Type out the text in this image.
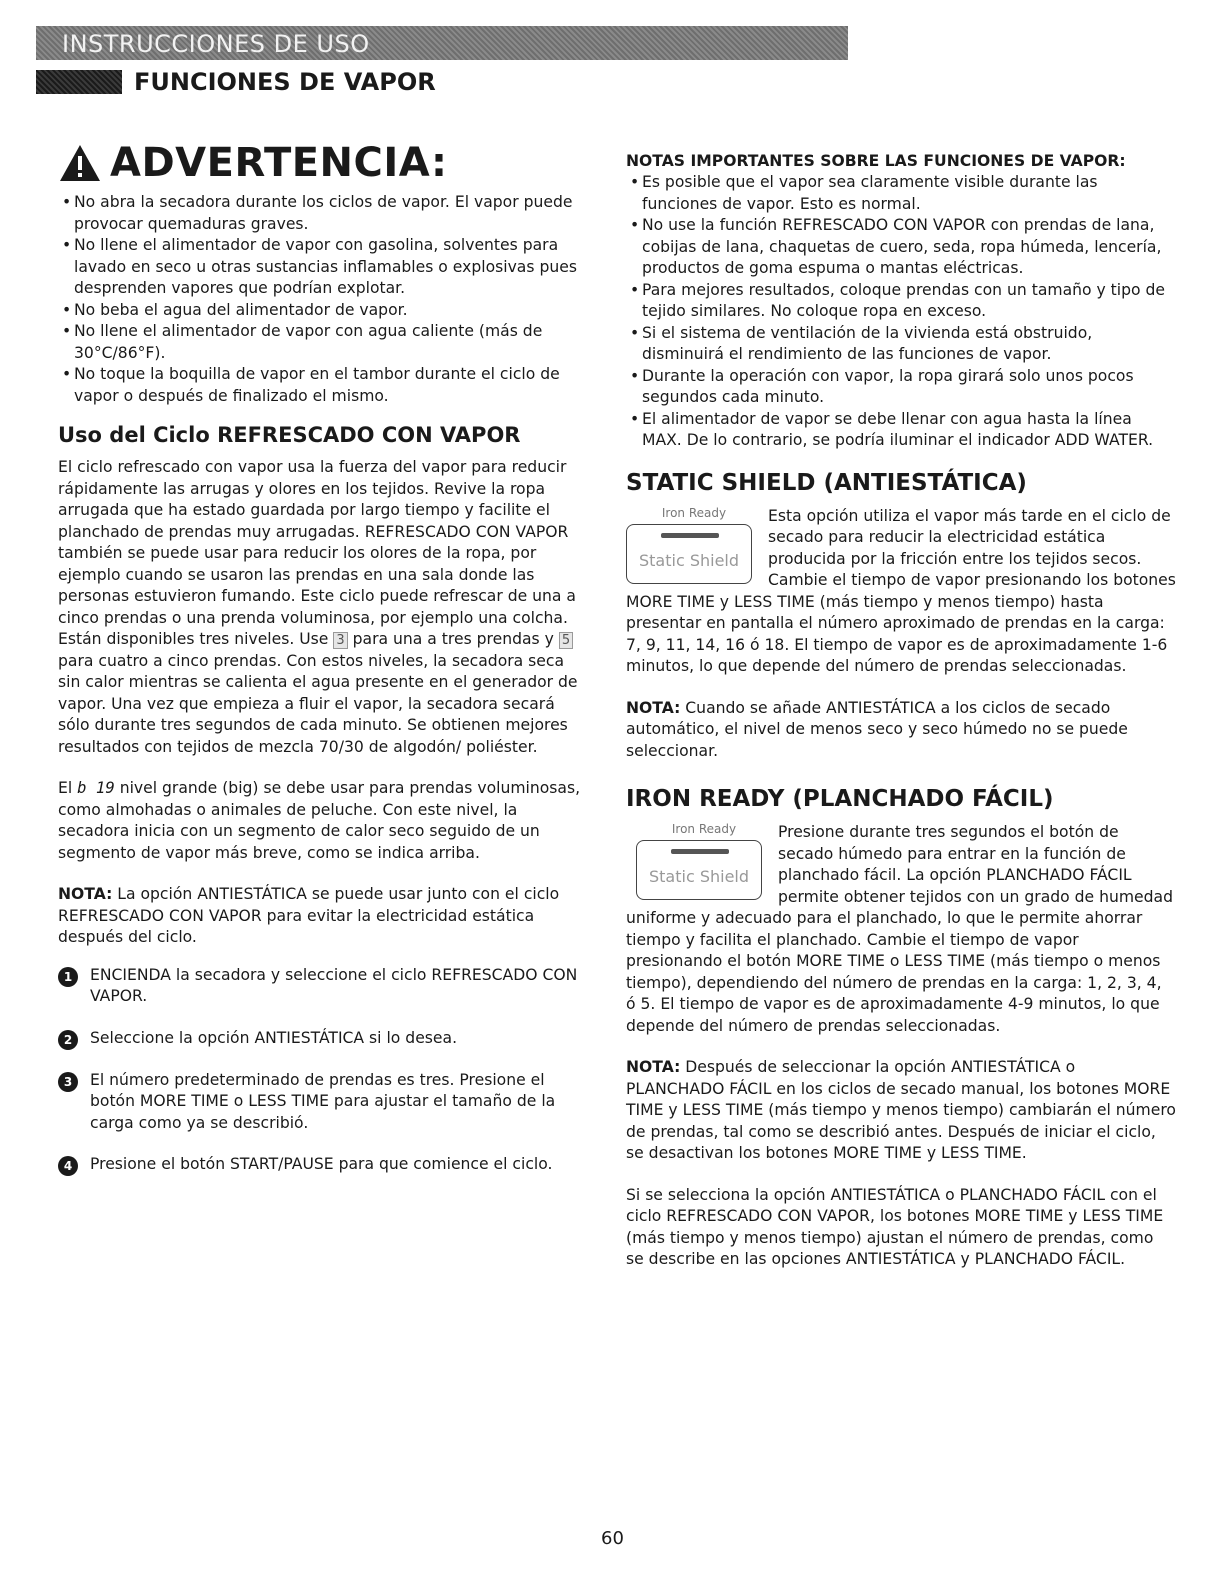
INSTRUCCIONES DE USO
FUNCIONES DE VAPOR
ADVERTENCIA:
• No abra la secadora durante los ciclos de vapor. El vapor puede provocar quemaduras graves.
• No llene el alimentador de vapor con gasolina, solventes para lavado en seco u otras sustancias inflamables o explosivas pues desprenden vapores que podrían explotar.
• No beba el agua del alimentador de vapor.
• No llene el alimentador de vapor con agua caliente (más de 30°C/86°F).
• No toque la boquilla de vapor en el tambor durante el ciclo de vapor o después de finalizado el mismo.
Uso del Ciclo REFRESCADO CON VAPOR

El ciclo refrescado con vapor usa la fuerza del vapor para reducir rápidamente las arrugas y olores en los tejidos. Revive la ropa arrugada que ha estado guardada por largo tiempo y facilite el planchado de prendas muy arrugadas. REFRESCADO CON VAPOR también se puede usar para reducir los olores de la ropa, por ejemplo cuando se usaron las prendas en una sala donde las personas estuvieron fumando. Este ciclo puede refrescar de una a cinco prendas o una prenda voluminosa, por ejemplo una colcha. Están disponibles tres niveles. Use 3 para una a tres prendas y 5 para cuatro a cinco prendas. Con estos niveles, la secadora seca sin calor mientras se calienta el agua presente en el generador de vapor. Una vez que empieza a fluir el vapor, la secadora secará sólo durante tres segundos de cada minuto. Se obtienen mejores resultados con tejidos de mezcla 70/30 de algodón/ poliéster.

El b 19 nivel grande (big) se debe usar para prendas voluminosas, como almohadas o animales de peluche. Con este nivel, la secadora inicia con un segmento de calor seco seguido de un segmento de vapor más breve, como se indica arriba.

NOTA: La opción ANTIESTÁTICA se puede usar junto con el ciclo REFRESCADO CON VAPOR para evitar la electricidad estática después del ciclo.

1	ENCIENDA la secadora y seleccione el ciclo REFRESCADO CON VAPOR.

2	Seleccione la opción ANTIESTÁTICA si lo desea.

3	El número predeterminado de prendas es tres. Presione el botón MORE TIME o LESS TIME para ajustar el tamaño de la carga como ya se describió.

4	Presione el botón START/PAUSE para que comience el ciclo.

NOTAS IMPORTANTES SOBRE LAS FUNCIONES DE VAPOR:

• Es posible que el vapor sea claramente visible durante las funciones de vapor. Esto es normal.
• No use la función REFRESCADO CON VAPOR con prendas de lana, cobijas de lana, chaquetas de cuero, seda, ropa húmeda, lencería, productos de goma espuma o mantas eléctricas.
• Para mejores resultados, coloque prendas con un tamaño y tipo de tejido similares. No coloque ropa en exceso.
• Si el sistema de ventilación de la vivienda está obstruido, disminuirá el rendimiento de las funciones de vapor.
• Durante la operación con vapor, la ropa girará solo unos pocos segundos cada minuto.
• El alimentador de vapor se debe llenar con agua hasta la línea MAX. De lo contrario, se podría iluminar el indicador ADD WATER.
STATIC SHIELD (ANTIESTÁTICA)
Iron Ready
Static Shield

Esta opción utiliza el vapor más tarde en el ciclo de secado para reducir la electricidad estática producida por la fricción entre los tejidos secos. Cambie el tiempo de vapor presionando los botones MORE TIME y LESS TIME (más tiempo y menos tiempo) hasta presentar en pantalla el número aproximado de prendas en la carga: 7, 9, 11, 14, 16 ó 18. El tiempo de vapor es de aproximadamente 1-6 minutos, lo que depende del número de prendas seleccionadas.

NOTA: Cuando se añade ANTIESTÁTICA a los ciclos de secado automático, el nivel de menos seco y seco húmedo no se puede seleccionar.

IRON READY (PLANCHADO FÁCIL)
Iron Ready
Static Shield

Presione durante tres segundos el botón de secado húmedo para entrar en la función de planchado fácil. La opción PLANCHADO FÁCIL permite obtener tejidos con un grado de humedad uniforme y adecuado para el planchado, lo que le permite ahorrar tiempo y facilita el planchado. Cambie el tiempo de vapor presionando el botón MORE TIME o LESS TIME (más tiempo o menos tiempo), dependiendo del número de prendas en la carga: 1, 2, 3, 4, ó 5. El tiempo de vapor es de aproximadamente 4-9 minutos, lo que depende del número de prendas seleccionadas.

NOTA: Después de seleccionar la opción ANTIESTÁTICA o PLANCHADO FÁCIL en los ciclos de secado manual, los botones MORE TIME y LESS TIME (más tiempo y menos tiempo) cambiarán el número de prendas, tal como se describió antes. Después de iniciar el ciclo, se desactivan los botones MORE TIME y LESS TIME.

Si se selecciona la opción ANTIESTÁTICA o PLANCHADO FÁCIL con el ciclo REFRESCADO CON VAPOR, los botones MORE TIME y LESS TIME (más tiempo y menos tiempo) ajustan el número de prendas, como se describe en las opciones ANTIESTÁTICA y PLANCHADO FÁCIL.

60
